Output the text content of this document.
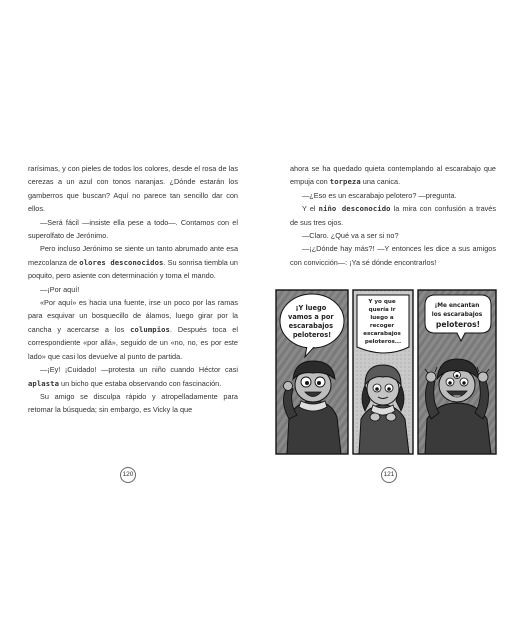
rarísimas, y con pieles de todos los colores, desde el rosa de las cerezas a un azul con tonos naranjas. ¿Dónde estarán los gamberros que buscan? Aquí no parece tan sencillo dar con ellos.

—Será fácil —insiste ella pese a todo—. Contamos con el superolfato de Jerónimo.

Pero incluso Jerónimo se siente un tanto abrumado ante esa mezcolanza de olores desconocidos. Su sonrisa tiembla un poquito, pero asiente con determinación y toma el mando.

—¡Por aquí!

«Por aquí» es hacia una fuente, irse un poco por las ramas para esquivar un bosquecillo de álamos, luego girar por la cancha y acercarse a los columpios. Después toca el correspondiente «por allá», seguido de un «no, no, es por este lado» que casi los devuelve al punto de partida.

—¡Ey! ¡Cuidado! —protesta un niño cuando Héctor casi aplasta un bicho que estaba observando con fascinación.

Su amigo se disculpa rápido y atropelladamente para retomar la búsqueda; sin embargo, es Vicky la que

120

ahora se ha quedado quieta contemplando al escarabajo que empuja con torpeza una canica.

—¿Eso es un escarabajo pelotero? —pregunta.

Y el niño desconocido la mira con confusión a través de sus tres ojos.

—Claro. ¿Qué va a ser si no?

—¡¿Dónde hay más?! —Y entonces les dice a sus amigos con convicción—: ¡Ya sé dónde encontrarlos!

¡Y luego vamos a por escarabajos peloteros!
Y yo que quería ir luego a recoger escarabajos peloteros...
¡Me encantan los escarabajos peloteros!
121
